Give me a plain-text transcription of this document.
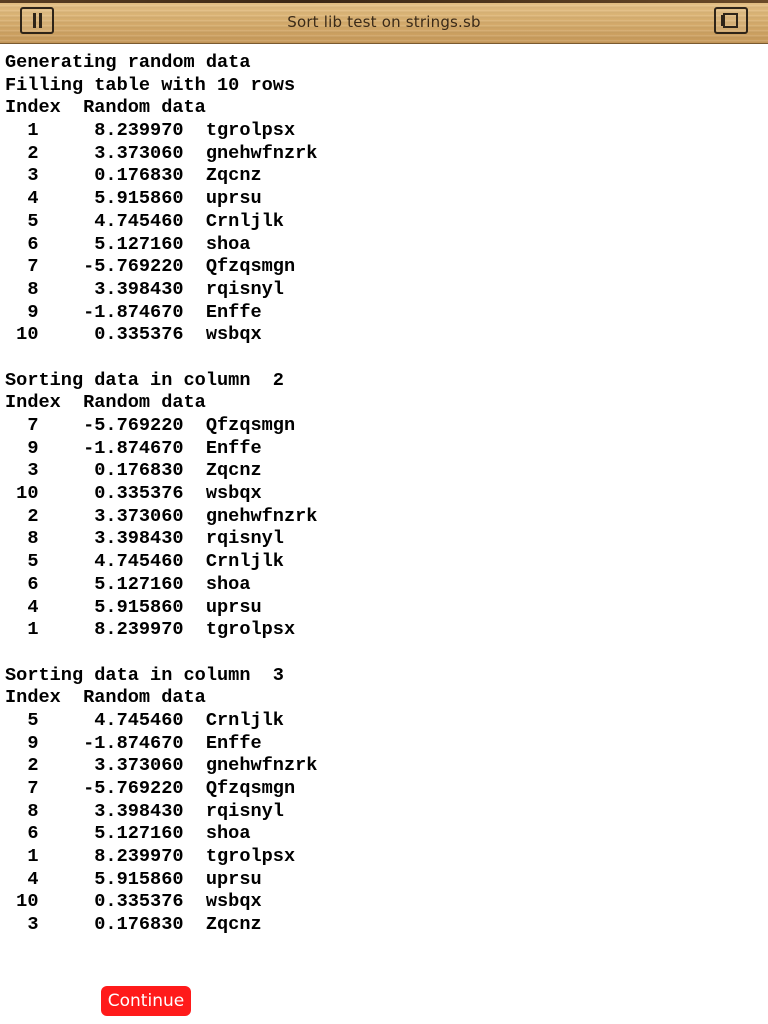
Sort lib test on strings.sb
Generating random data
Filling table with 10 rows
Index  Random data
1     8.239970  tgrolpsx
2     3.373060  gnehwfnzrk
3     0.176830  Zqcnz
4     5.915860  uprsu
5     4.745460  Crnljlk
6     5.127160  shoa
7    -5.769220  Qfzqsmgn
8     3.398430  rqisnyl
9    -1.874670  Enffe
10     0.335376  wsbqx
Sorting data in column  2
Index  Random data
7    -5.769220  Qfzqsmgn
9    -1.874670  Enffe
3     0.176830  Zqcnz
10     0.335376  wsbqx
2     3.373060  gnehwfnzrk
8     3.398430  rqisnyl
5     4.745460  Crnljlk
6     5.127160  shoa
4     5.915860  uprsu
1     8.239970  tgrolpsx
Sorting data in column  3
Index  Random data
5     4.745460  Crnljlk
9    -1.874670  Enffe
2     3.373060  gnehwfnzrk
7    -5.769220  Qfzqsmgn
8     3.398430  rqisnyl
6     5.127160  shoa
1     8.239970  tgrolpsx
4     5.915860  uprsu
10     0.335376  wsbqx
3     0.176830  Zqcnz
Continue
